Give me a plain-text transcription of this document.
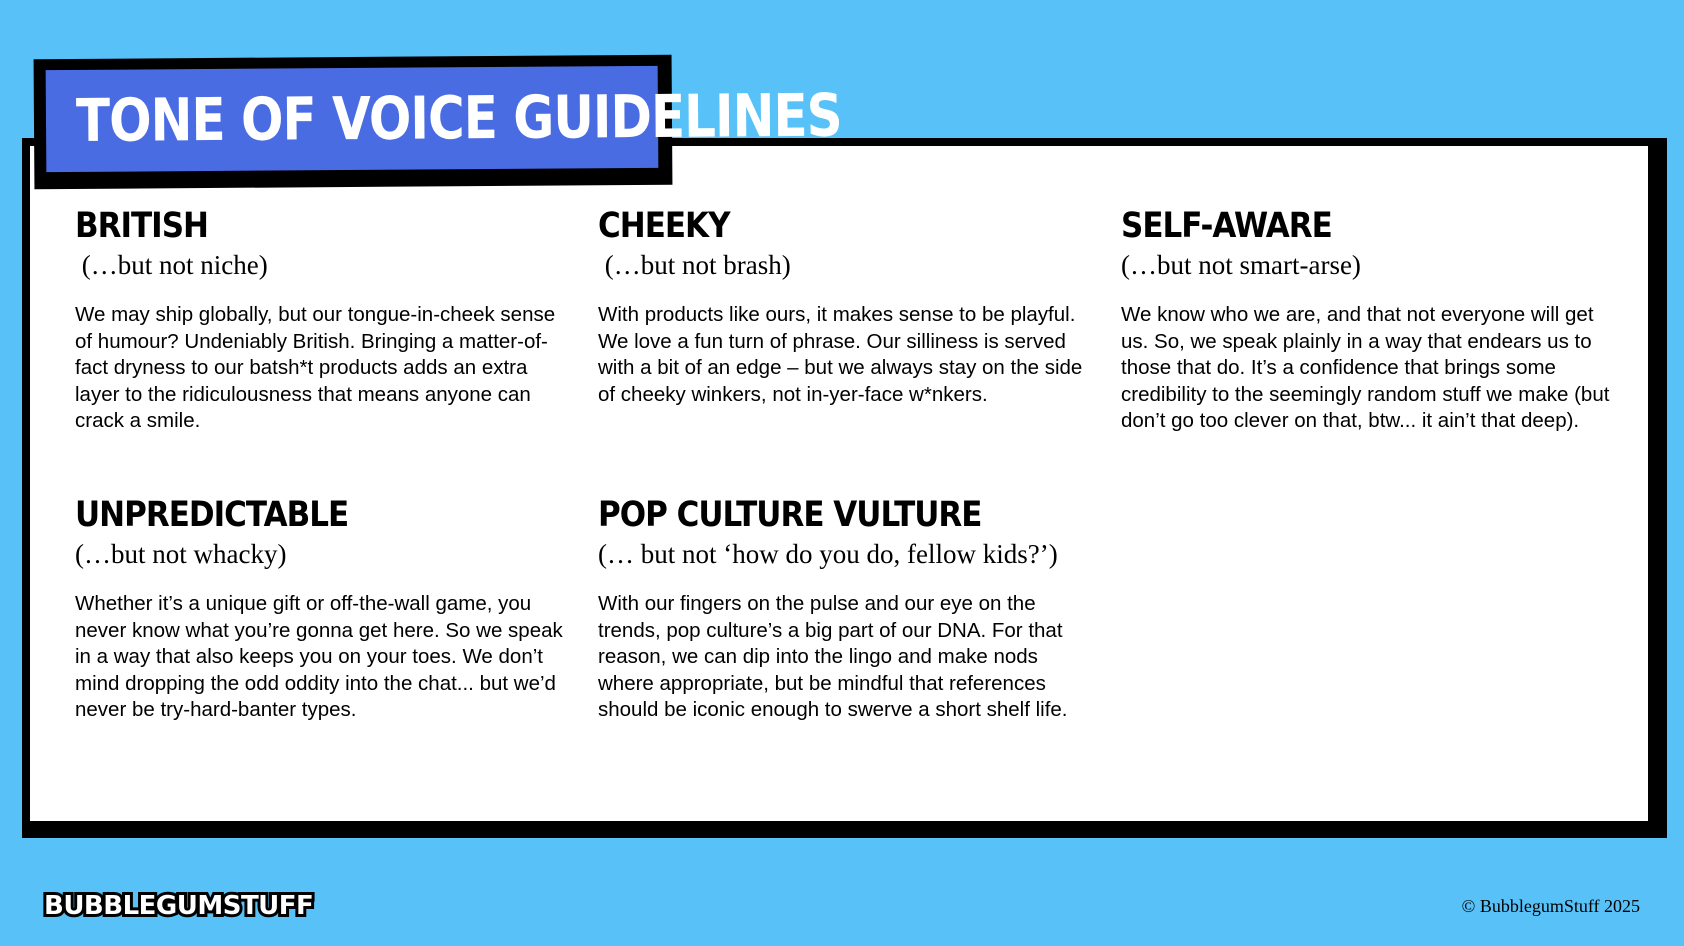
TONE OF VOICE GUIDELINES
BRITISH

(…but not niche)

We may ship globally, but our tongue-in-cheek sense of humour? Undeniably British. Bringing a matter-of-fact dryness to our batsh*t products adds an extra layer to the ridiculousness that means anyone can crack a smile.

CHEEKY

(…but not brash)

With products like ours, it makes sense to be playful. We love a fun turn of phrase. Our silliness is served with a bit of an edge – but we always stay on the side of cheeky winkers, not in-yer-face w*nkers.

SELF-AWARE

(…but not smart-arse)

We know who we are, and that not everyone will get us. So, we speak plainly in a way that endears us to those that do. It’s a confidence that brings some credibility to the seemingly random stuff we make (but don’t go too clever on that, btw... it ain’t that deep).

UNPREDICTABLE

(…but not whacky)

Whether it’s a unique gift or off-the-wall game, you never know what you’re gonna get here. So we speak in a way that also keeps you on your toes. We don’t mind dropping the odd oddity into the chat... but we’d never be try-hard-banter types.

POP CULTURE VULTURE

(… but not ‘how do you do, fellow kids?’)

With our fingers on the pulse and our eye on the trends, pop culture’s a big part of our DNA. For that reason, we can dip into the lingo and make nods where appropriate, but be mindful that references should be iconic enough to swerve a short shelf life.

BUBBLEGUMSTUFF	© BubblegumStuff 2025
